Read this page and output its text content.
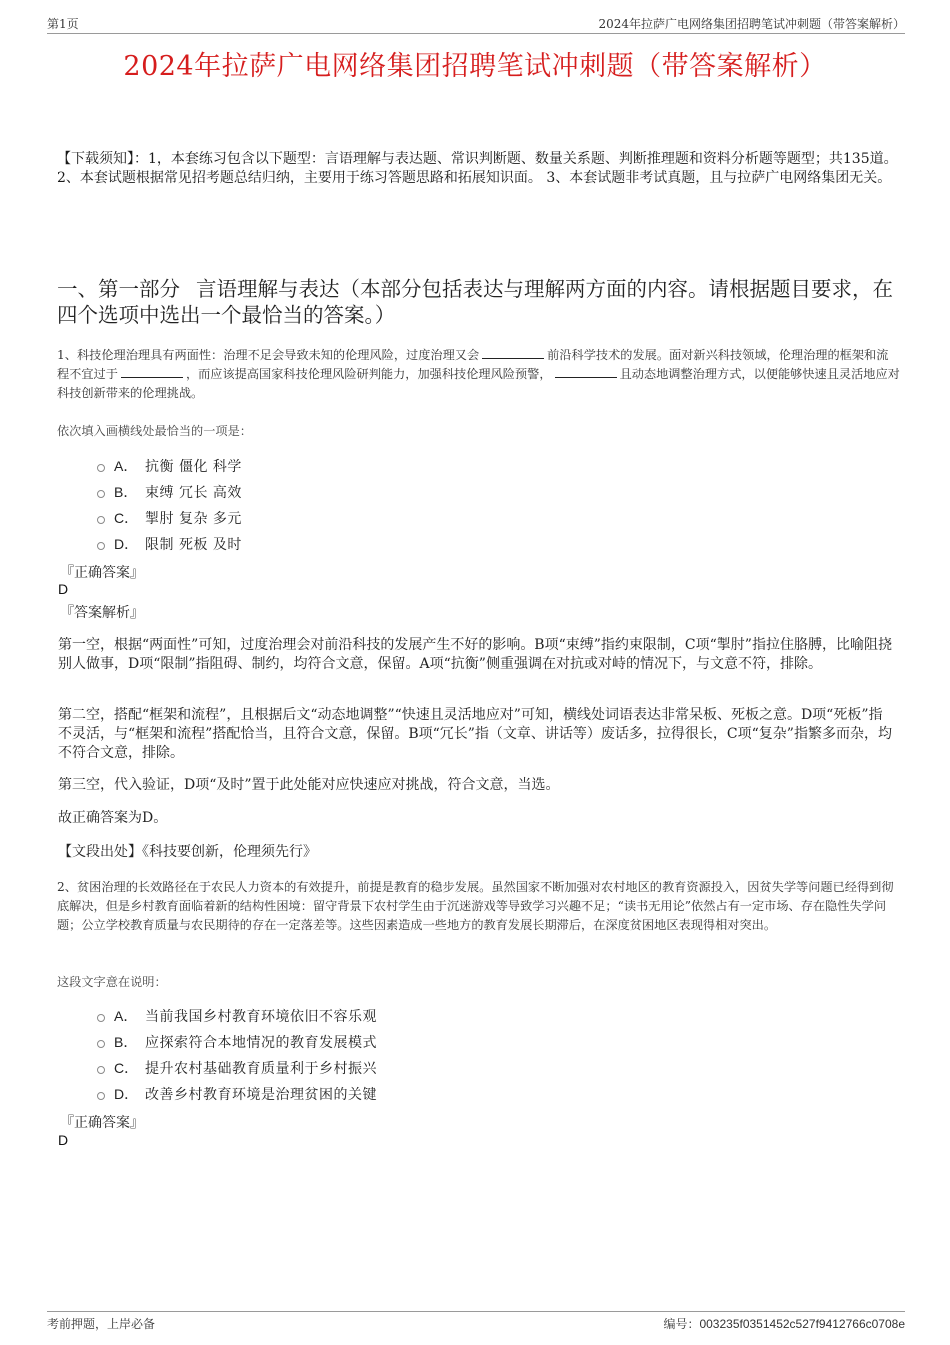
第1页	2024年拉萨广电网络集团招聘笔试冲刺题（带答案解析）
2024年拉萨广电网络集团招聘笔试冲刺题（带答案解析）
【下载须知】：1，本套练习包含以下题型：言语理解与表达题、常识判断题、数量关系题、判断推理题和资料分析题等题型；共135道。 2、本套试题根据常见招考题总结归纳，主要用于练习答题思路和拓展知识面。 3、本套试题非考试真题，且与拉萨广电网络集团无关。
一、第一部分 言语理解与表达（本部分包括表达与理解两方面的内容。请根据题目要求，在四个选项中选出一个最恰当的答案。）
1、科技伦理治理具有两面性：治理不足会导致未知的伦理风险，过度治理又会	前沿科学技术的发展。面对新兴科技领域，伦理治理的框架和流程不宜过于	，而应该提高国家科技伦理风险研判能力，加强科技伦理风险预警，	且动态地调整治理方式，以便能够快速且灵活地应对科技创新带来的伦理挑战。
依次填入画横线处最恰当的一项是：
A． 抗衡 僵化 科学
B． 束缚 冗长 高效
C． 掣肘 复杂 多元
D． 限制 死板 及时
『正确答案』
D
『答案解析』
第一空，根据“两面性”可知，过度治理会对前沿科技的发展产生不好的影响。B项“束缚”指约束限制，C项“掣肘”指拉住胳膊，比喻阻挠别人做事，D项“限制”指阻碍、制约，均符合文意，保留。A项“抗衡”侧重强调在对抗或对峙的情况下，与文意不符，排除。
第二空，搭配“框架和流程”，且根据后文“动态地调整”“快速且灵活地应对”可知，横线处词语表达非常呆板、死板之意。D项“死板”指不灵活，与“框架和流程”搭配恰当，且符合文意，保留。B项“冗长”指（文章、讲话等）废话多，拉得很长，C项“复杂”指繁多而杂，均不符合文意，排除。
第三空，代入验证，D项“及时”置于此处能对应快速应对挑战，符合文意，当选。
故正确答案为D。
【文段出处】《科技要创新，伦理须先行》
2、贫困治理的长效路径在于农民人力资本的有效提升，前提是教育的稳步发展。虽然国家不断加强对农村地区的教育资源投入，因贫失学等问题已经得到彻底解决，但是乡村教育面临着新的结构性困境：留守背景下农村学生由于沉迷游戏等导致学习兴趣不足；“读书无用论”依然占有一定市场、存在隐性失学问题；公立学校教育质量与农民期待的存在一定落差等。这些因素造成一些地方的教育发展长期滞后，在深度贫困地区表现得相对突出。
这段文字意在说明：
A． 当前我国乡村教育环境依旧不容乐观
B． 应探索符合本地情况的教育发展模式
C． 提升农村基础教育质量利于乡村振兴
D． 改善乡村教育环境是治理贫困的关键
『正确答案』
D
考前押题，上岸必备	编号：003235f0351452c527f9412766c0708e
